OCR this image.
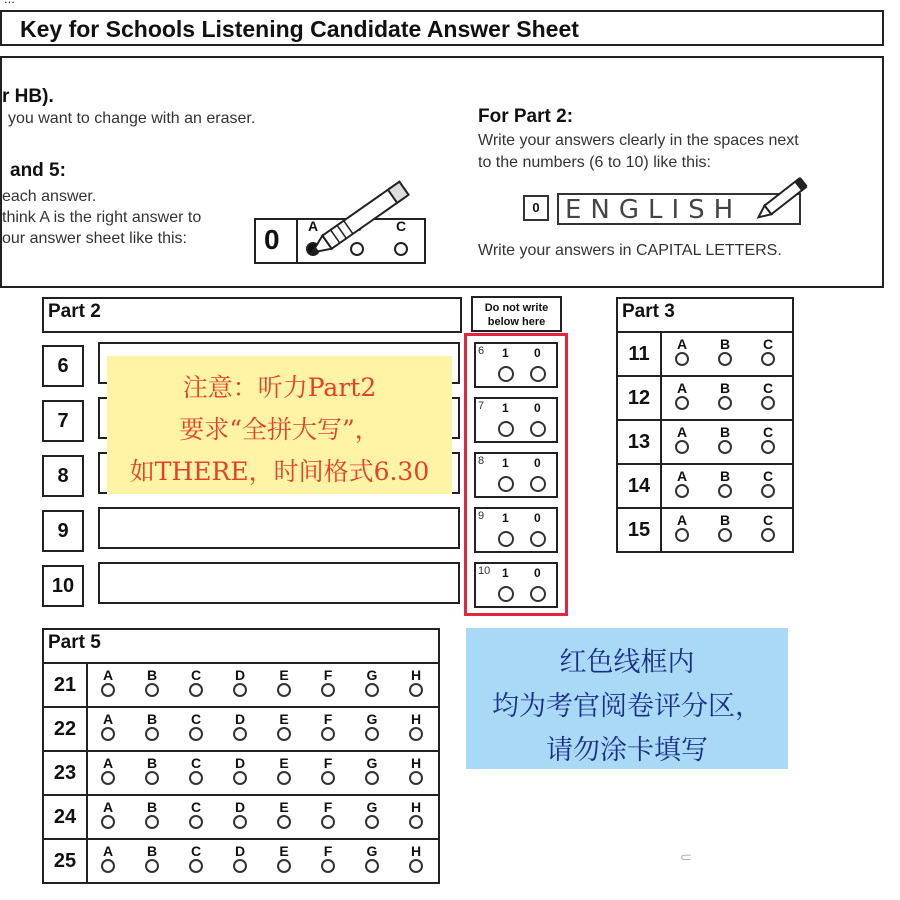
Key for Schools Listening Candidate Answer Sheet
r HB).
you want to change with an eraser.
and 5:
each answer.
think A is the right answer to
our answer sheet like this:
For Part 2:
Write your answers clearly in the spaces next
to the numbers (6 to 10) like this:
Write your answers in CAPITAL LETTERS.
0 A	C
0 ENGLISH
Part 2	Do not write
below here
6
7
8
9
10
6 1 0
7 1 0
8 1 0
9 1 0
10 1 0
注意：听力Part2
要求“全拼大写”，
如THERE，时间格式6.30
Part 3
11	A	B	C
12	A	B	C
13	A	B	C
14	A	B	C
15	A	B	C
Part 5
21	A	B	C	D	E	F	G	H
22	A	B	C	D	E	F	G	H
23	A	B	C	D	E	F	G	H
24	A	B	C	D	E	F	G	H
25	A	B	C	D	E	F	G	H
红色线框内
均为考官阅卷评分区，
请勿涂卡填写
⸦
